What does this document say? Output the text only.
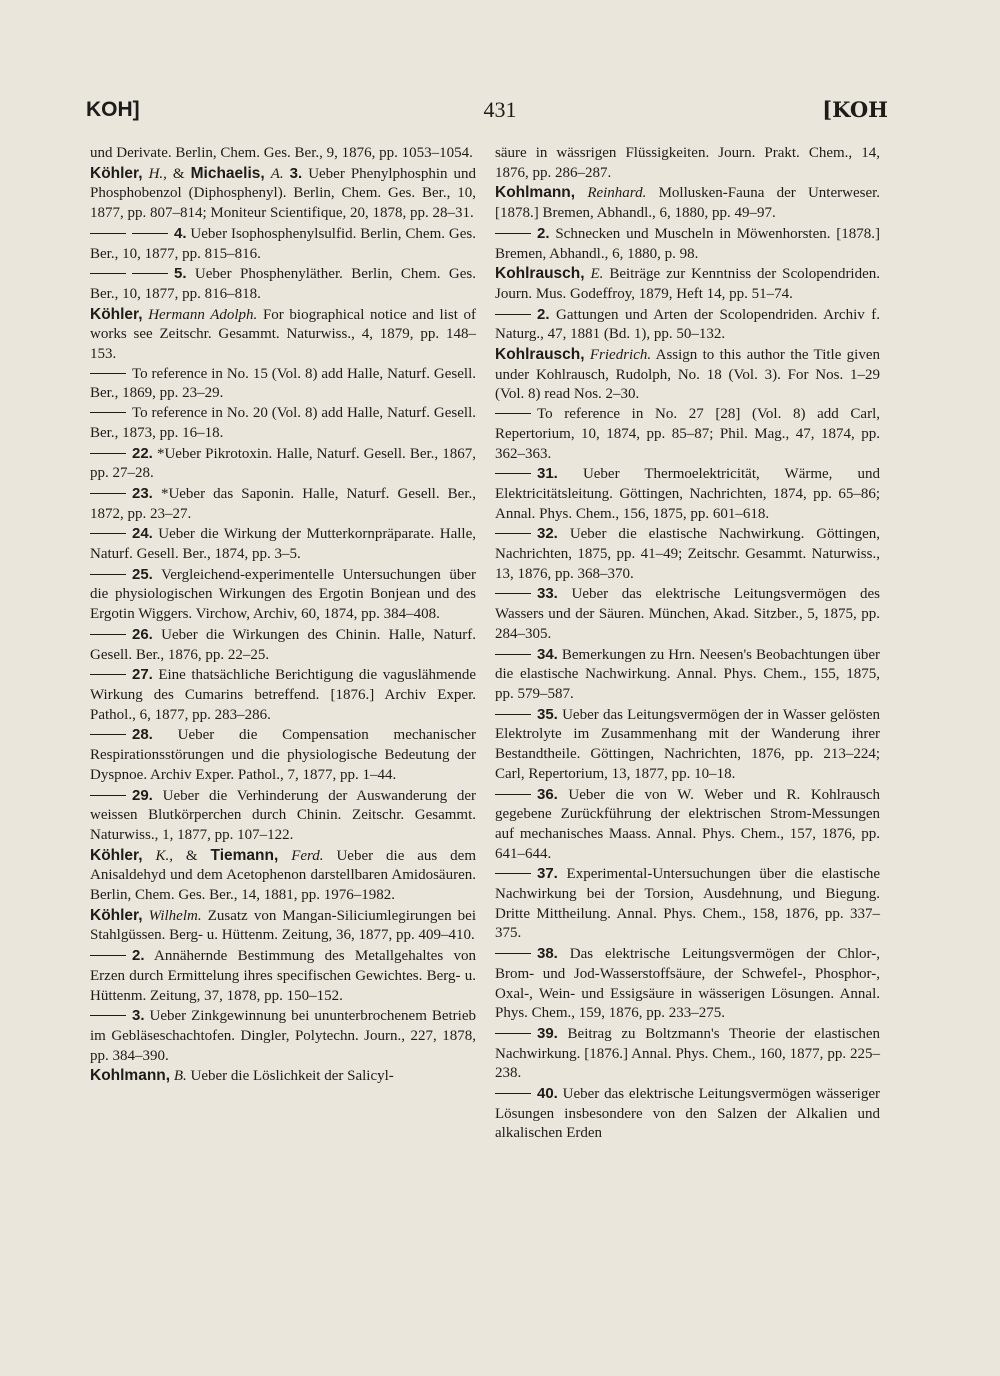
KOH]	431	[KOH

und Derivate. Berlin, Chem. Ges. Ber., 9, 1876, pp. 1053–1054.

Köhler, H., & Michaelis, A. 3. Ueber Phenylphosphin und Phosphobenzol (Diphosphenyl). Berlin, Chem. Ges. Ber., 10, 1877, pp. 807–814; Moniteur Scientifique, 20, 1878, pp. 28–31.

4. Ueber Isophosphenylsulfid. Berlin, Chem. Ges. Ber., 10, 1877, pp. 815–816.

5. Ueber Phosphenyläther. Berlin, Chem. Ges. Ber., 10, 1877, pp. 816–818.

Köhler, Hermann Adolph. For biographical notice and list of works see Zeitschr. Gesammt. Naturwiss., 4, 1879, pp. 148–153.

To reference in No. 15 (Vol. 8) add Halle, Naturf. Gesell. Ber., 1869, pp. 23–29.

To reference in No. 20 (Vol. 8) add Halle, Naturf. Gesell. Ber., 1873, pp. 16–18.

22. *Ueber Pikrotoxin. Halle, Naturf. Gesell. Ber., 1867, pp. 27–28.

23. *Ueber das Saponin. Halle, Naturf. Gesell. Ber., 1872, pp. 23–27.

24. Ueber die Wirkung der Mutterkornpräparate. Halle, Naturf. Gesell. Ber., 1874, pp. 3–5.

25. Vergleichend-experimentelle Untersuchungen über die physiologischen Wirkungen des Ergotin Bonjean und des Ergotin Wiggers. Virchow, Archiv, 60, 1874, pp. 384–408.

26. Ueber die Wirkungen des Chinin. Halle, Naturf. Gesell. Ber., 1876, pp. 22–25.

27. Eine thatsächliche Berichtigung die vaguslähmende Wirkung des Cumarins betreffend. [1876.] Archiv Exper. Pathol., 6, 1877, pp. 283–286.

28. Ueber die Compensation mechanischer Respirationsstörungen und die physiologische Bedeutung der Dyspnoe. Archiv Exper. Pathol., 7, 1877, pp. 1–44.

29. Ueber die Verhinderung der Auswanderung der weissen Blutkörperchen durch Chinin. Zeitschr. Gesammt. Naturwiss., 1, 1877, pp. 107–122.

Köhler, K., & Tiemann, Ferd. Ueber die aus dem Anisaldehyd und dem Acetophenon darstellbaren Amidosäuren. Berlin, Chem. Ges. Ber., 14, 1881, pp. 1976–1982.

Köhler, Wilhelm. Zusatz von Mangan-Siliciumlegirungen bei Stahlgüssen. Berg- u. Hüttenm. Zeitung, 36, 1877, pp. 409–410.

2. Annähernde Bestimmung des Metallgehaltes von Erzen durch Ermittelung ihres specifischen Gewichtes. Berg- u. Hüttenm. Zeitung, 37, 1878, pp. 150–152.

3. Ueber Zinkgewinnung bei ununterbrochenem Betrieb im Gebläseschachtofen. Dingler, Polytechn. Journ., 227, 1878, pp. 384–390.

Kohlmann, B. Ueber die Löslichkeit der Salicyl-

säure in wässrigen Flüssigkeiten. Journ. Prakt. Chem., 14, 1876, pp. 286–287.

Kohlmann, Reinhard. Mollusken-Fauna der Unterweser. [1878.] Bremen, Abhandl., 6, 1880, pp. 49–97.

2. Schnecken und Muscheln in Möwenhorsten. [1878.] Bremen, Abhandl., 6, 1880, p. 98.

Kohlrausch, E. Beiträge zur Kenntniss der Scolopendriden. Journ. Mus. Godeffroy, 1879, Heft 14, pp. 51–74.

2. Gattungen und Arten der Scolopendriden. Archiv f. Naturg., 47, 1881 (Bd. 1), pp. 50–132.

Kohlrausch, Friedrich. Assign to this author the Title given under Kohlrausch, Rudolph, No. 18 (Vol. 3). For Nos. 1–29 (Vol. 8) read Nos. 2–30.

To reference in No. 27 [28] (Vol. 8) add Carl, Repertorium, 10, 1874, pp. 85–87; Phil. Mag., 47, 1874, pp. 362–363.

31. Ueber Thermoelektricität, Wärme, und Elektricitätsleitung. Göttingen, Nachrichten, 1874, pp. 65–86; Annal. Phys. Chem., 156, 1875, pp. 601–618.

32. Ueber die elastische Nachwirkung. Göttingen, Nachrichten, 1875, pp. 41–49; Zeitschr. Gesammt. Naturwiss., 13, 1876, pp. 368–370.

33. Ueber das elektrische Leitungsvermögen des Wassers und der Säuren. München, Akad. Sitzber., 5, 1875, pp. 284–305.

34. Bemerkungen zu Hrn. Neesen's Beobachtungen über die elastische Nachwirkung. Annal. Phys. Chem., 155, 1875, pp. 579–587.

35. Ueber das Leitungsvermögen der in Wasser gelösten Elektrolyte im Zusammenhang mit der Wanderung ihrer Bestandtheile. Göttingen, Nachrichten, 1876, pp. 213–224; Carl, Repertorium, 13, 1877, pp. 10–18.

36. Ueber die von W. Weber und R. Kohlrausch gegebene Zurückführung der elektrischen Strom-Messungen auf mechanisches Maass. Annal. Phys. Chem., 157, 1876, pp. 641–644.

37. Experimental-Untersuchungen über die elastische Nachwirkung bei der Torsion, Ausdehnung, und Biegung. Dritte Mittheilung. Annal. Phys. Chem., 158, 1876, pp. 337–375.

38. Das elektrische Leitungsvermögen der Chlor-, Brom- und Jod-Wasserstoffsäure, der Schwefel-, Phosphor-, Oxal-, Wein- und Essigsäure in wässerigen Lösungen. Annal. Phys. Chem., 159, 1876, pp. 233–275.

39. Beitrag zu Boltzmann's Theorie der elastischen Nachwirkung. [1876.] Annal. Phys. Chem., 160, 1877, pp. 225–238.

40. Ueber das elektrische Leitungsvermögen wässeriger Lösungen insbesondere von den Salzen der Alkalien und alkalischen Erden
